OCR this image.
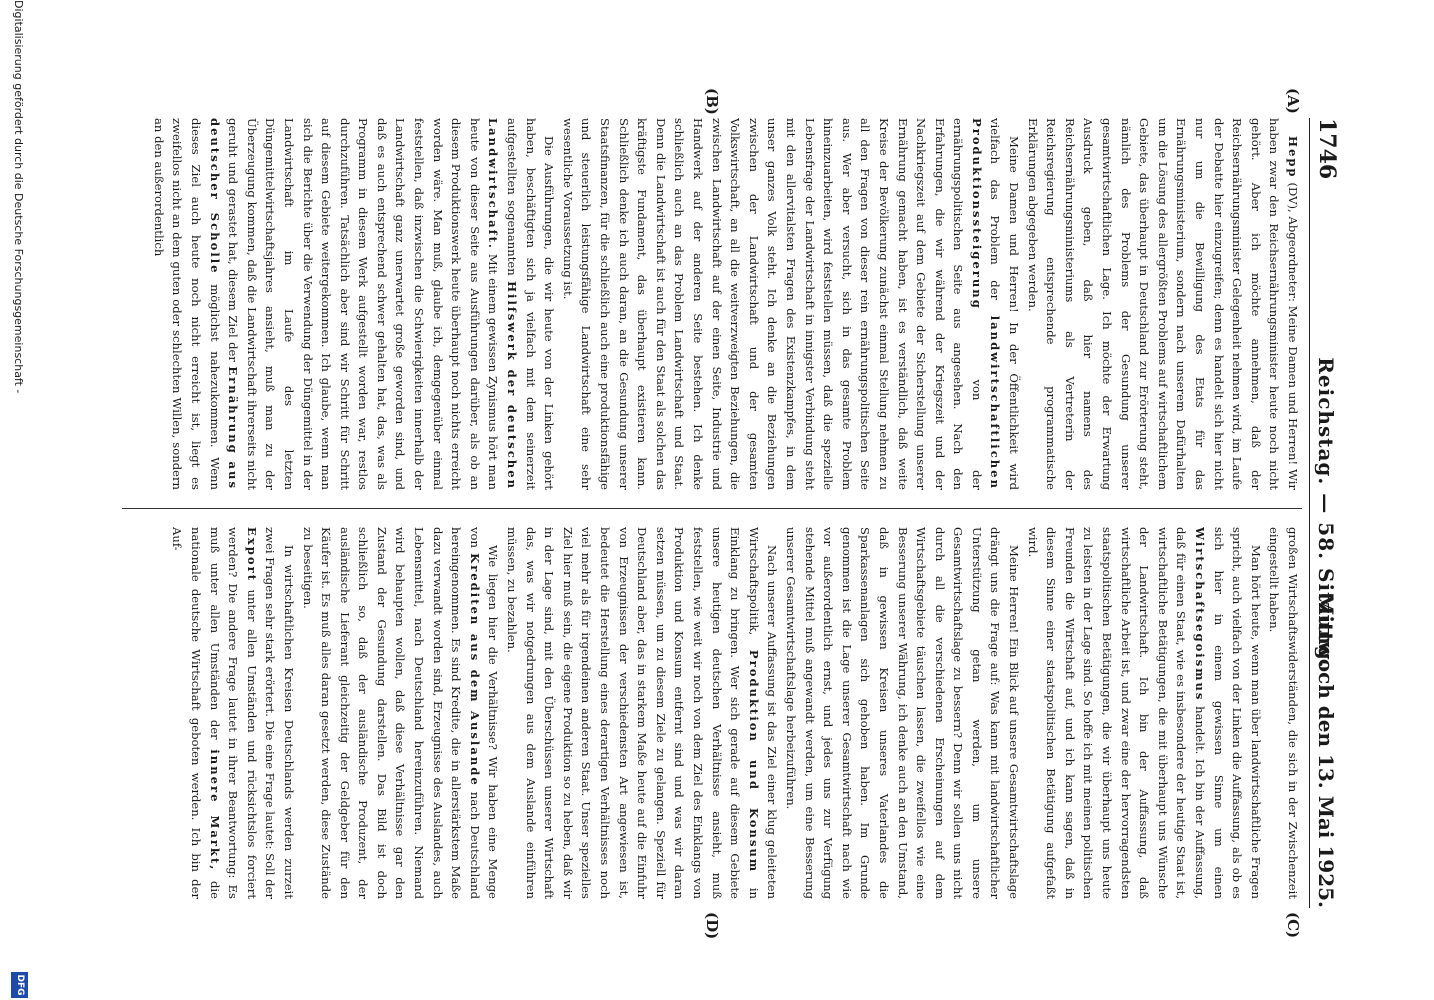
1746
Reichstag. — 58. Sitzung.
Mittwoch den 13. Mai 1925.
(A)
(B)
(C)
(D)

Hepp (DV), Abgeordneter: Meine Damen und Herren! Wir haben zwar den Reichsernährungsminister heute noch nicht gehört. Aber ich möchte annehmen, daß der Reichsernährungsminister Gelegenheit nehmen wird, im Laufe der Debatte hier einzugreifen; denn es handelt sich hier nicht nur um die Bewilligung des Etats für das Ernährungsministerium, sondern nach unserem Dafürhalten um die Lösung des allergrößten Problems auf wirtschaftlichem Gebiete, das überhaupt in Deutschland zur Erörterung steht, nämlich des Problems der Gesundung unserer gesamtwirtschaftlichen Lage. Ich möchte der Erwartung Ausdruck geben, daß hier namens des Reichsernährungsministeriums als Vertreterin der Reichsregierung entsprechende programmatische Erklärungen abgegeben werden.

Meine Damen und Herren! In der Öffentlichkeit wird vielfach das Problem der landwirtschaftlichen Produktionssteigerung von der ernährungspolitischen Seite aus angesehen. Nach den Erfahrungen, die wir während der Kriegszeit und der Nachkriegszeit auf dem Gebiete der Sicherstellung unserer Ernährung gemacht haben, ist es verständlich, daß weite Kreise der Bevölkerung zunächst einmal Stellung nehmen zu all den Fragen von dieser rein ernährungspolitischen Seite aus. Wer aber versucht, sich in das gesamte Problem hineinzuarbeiten, wird feststellen müssen, daß die spezielle Lebensfrage der Landwirtschaft in innigster Verbindung steht mit den allervitalsten Fragen des Existenzkampfes, in dem unser ganzes Volk steht. Ich denke an die Beziehungen zwischen der Landwirtschaft und der gesamten Volkswirtschaft, an all die weitverzweigten Beziehungen, die zwischen Landwirtschaft auf der einen Seite, Industrie und Handwerk auf der anderen Seite bestehen. Ich denke schließlich auch an das Problem Landwirtschaft und Staat. Denn die Landwirtschaft ist auch für den Staat als solchen das kräftigste Fundament, das überhaupt existieren kann. Schließlich denke ich auch daran, an die Gesundung unserer Staatsfinanzen, für die schließlich auch eine produktionsfähige und steuerlich leistungsfähige Landwirtschaft eine sehr wesentliche Voraussetzung ist.

Die Ausführungen, die wir heute von der Linken gehört haben, beschäftigten sich ja vielfach mit dem seinerzeit aufgestellten sogenannten Hilfswerk der deutschen Landwirtschaft. Mit einem gewissen Zynismus hört man heute von dieser Seite aus Ausführungen darüber, als ob an diesem Produktionswerk heute überhaupt noch nichts erreicht worden wäre. Man muß, glaube ich, demgegenüber einmal feststellen, daß inzwischen die Schwierigkeiten innerhalb der Landwirtschaft ganz unerwartet große geworden sind, und daß es auch entsprechend schwer gehalten hat, das, was als Programm in diesem Werk aufgestellt worden war, restlos durchzuführen. Tatsächlich aber sind wir Schritt für Schritt auf diesem Gebiete weitergekommen. Ich glaube, wenn man sich die Berichte über die Verwendung der Düngemittel in der Landwirtschaft im Laufe des letzten Düngemittelwirtschaftsjahres ansieht, muß man zu der Überzeugung kommen, daß die Landwirtschaft ihrerseits nicht geruht und gerastet hat, diesem Ziel der Ernährung aus deutscher Scholle möglichst nahezukommen. Wenn dieses Ziel auch heute noch nicht erreicht ist, liegt es zweifellos nicht an dem guten oder schlechten Willen, sondern an den außerordentlich

großen Wirtschaftswiderständen, die sich in der Zwischenzeit eingestellt haben.

Man hört heute, wenn man über landwirtschaftliche Fragen spricht, auch vielfach von der Linken die Auffassung, als ob es sich hier in einem gewissen Sinne um einen Wirtschaftsegoismus handelt. Ich bin der Auffassung, daß für einen Staat, wie es insbesondere der heutige Staat ist, wirtschaftliche Betätigungen, die mit überhaupt uns Wünsche der Landwirtschaft. Ich bin der Auffassung, daß wirtschaftliche Arbeit ist, und zwar eine der hervorragendsten staatspolitischen Betätigungen, die wir überhaupt uns heute zu leisten in der Lage sind. So hoffe ich mit meinen politischen Freunden die Wirtschaft auf, und ich kann sagen, daß in diesem Sinne einer staatspolitischen Betätigung aufgefaßt wird.

Meine Herren! Ein Blick auf unsere Gesamtwirtschaftslage drängt uns die Frage auf: Was kann mit landwirtschaftlicher Unterstützung getan werden, um unsere Gesamtwirtschaftslage zu bessern? Denn wir sollen uns nicht durch all die verschiedenen Erscheinungen auf dem Wirtschaftsgebiete täuschen lassen, die zweifellos wie eine Besserung unserer Währung, ich denke auch an den Umstand, daß in gewissen Kreisen unseres Vaterlandes die Sparkassenanlagen sich gehoben haben. Im Grunde genommen ist die Lage unserer Gesamtwirtschaft nach wie vor außerordentlich ernst, und jedes uns zur Verfügung stehende Mittel muß angewandt werden, um eine Besserung unserer Gesamtwirtschaftslage herbeizuführen.

Nach unserer Auffassung ist das Ziel einer klug geleiteten Wirtschaftspolitik, Produktion und Konsum in Einklang zu bringen. Wer sich gerade auf diesem Gebiete unsere heutigen deutschen Verhältnisse ansieht, muß feststellen, wie weit wir noch von dem Ziel des Einklangs von Produktion und Konsum entfernt sind und was wir daran setzen müssen, um zu diesem Ziele zu gelangen. Speziell für Deutschland aber, das in starkem Maße heute auf die Einfuhr von Erzeugnissen der verschiedensten Art angewiesen ist, bedeutet die Herstellung eines derartigen Verhältnisses noch viel mehr als für irgendeinen anderen Staat. Unser spezielles Ziel hier muß sein, die eigene Produktion so zu heben, daß wir in der Lage sind, mit den Überschüssen unserer Wirtschaft das, was wir notgedrungen aus dem Auslande einführen müssen, zu bezahlen.

Wie liegen hier die Verhältnisse? Wir haben eine Menge von Krediten aus dem Auslande nach Deutschland hereingenommen. Es sind Kredite, die in allerstärkstem Maße dazu verwandt worden sind, Erzeugnisse des Auslandes, auch Lebensmittel, nach Deutschland hereinzuführen. Niemand wird behaupten wollen, daß diese Verhältnisse gar den Zustand der Gesundung darstellen. Das Bild ist doch schließlich so, daß der ausländische Produzent, der ausländische Lieferant gleichzeitig der Geldgeber für den Käufer ist. Es muß alles daran gesetzt werden, diese Zustände zu beseitigen.

In wirtschaftlichen Kreisen Deutschlands werden zurzeit zwei Fragen sehr stark erörtert. Die eine Frage lautet: Soll der Export unter allen Umständen und rücksichtslos forciert werden? Die andere Frage lautet in ihrer Beantwortung: Es muß unter allen Umständen der innere Markt, die nationale deutsche Wirtschaft geboten werden. Ich bin der Auf-

Digitalisierung gefördert durch die Deutsche Forschungsgemeinschaft -
DFG
